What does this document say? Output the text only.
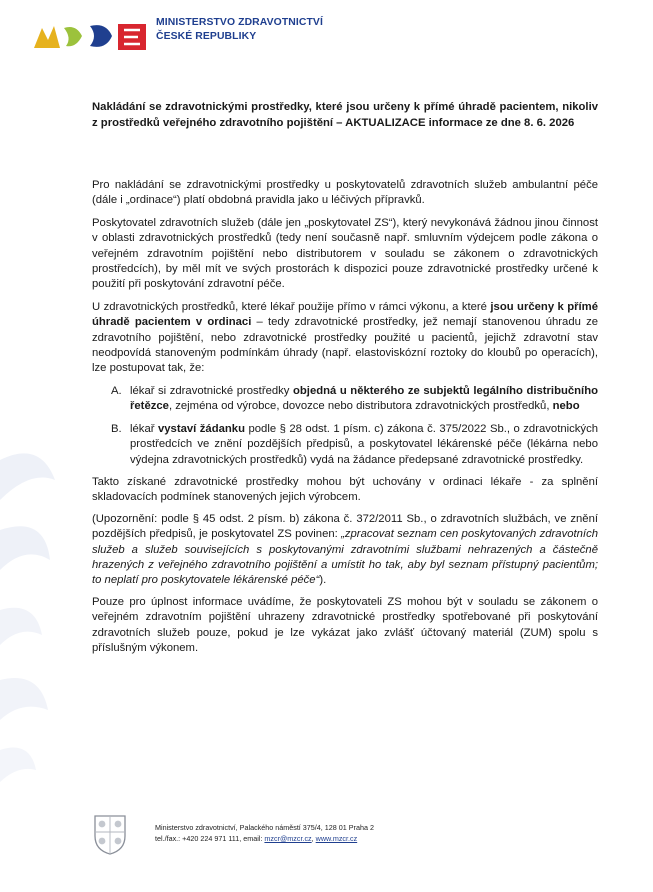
MINISTERSTVO ZDRAVOTNICTVÍ
ČESKÉ REPUBLIKY

Nakládání se zdravotnickými prostředky, které jsou určeny k přímé úhradě pacientem, nikoliv z prostředků veřejného zdravotního pojištění – AKTUALIZACE informace ze dne 8. 6. 2026

Pro nakládání se zdravotnickými prostředky u poskytovatelů zdravotních služeb ambulantní péče (dále i „ordinace“) platí obdobná pravidla jako u léčivých přípravků.

Poskytovatel zdravotních služeb (dále jen „poskytovatel ZS“), který nevykonává žádnou jinou činnost v oblasti zdravotnických prostředků (tedy není současně např. smluvním výdejcem podle zákona o veřejném zdravotním pojištění nebo distributorem v souladu se zákonem o zdravotnických prostředcích), by měl mít ve svých prostorách k dispozici pouze zdravotnické prostředky určené k použití při poskytování zdravotní péče.

U zdravotnických prostředků, které lékař použije přímo v rámci výkonu, a které jsou určeny k přímé úhradě pacientem v ordinaci – tedy zdravotnické prostředky, jež nemají stanovenou úhradu ze zdravotního pojištění, nebo zdravotnické prostředky použité u pacientů, jejichž zdravotní stav neodpovídá stanoveným podmínkám úhrady (např. elastoviskózní roztoky do kloubů po operacích), lze postupovat tak, že:

A. lékař si zdravotnické prostředky objedná u některého ze subjektů legálního distribučního řetězce, zejména od výrobce, dovozce nebo distributora zdravotnických prostředků, nebo
B. lékař vystaví žádanku podle § 28 odst. 1 písm. c) zákona č. 375/2022 Sb., o zdravotnických prostředcích ve znění pozdějších předpisů, a poskytovatel lékárenské péče (lékárna nebo výdejna zdravotnických prostředků) vydá na žádance předepsané zdravotnické prostředky.

Takto získané zdravotnické prostředky mohou být uchovány v ordinaci lékaře - za splnění skladovacích podmínek stanovených jejich výrobcem.

(Upozornění: podle § 45 odst. 2 písm. b) zákona č. 372/2011 Sb., o zdravotních službách, ve znění pozdějších předpisů, je poskytovatel ZS povinen: „zpracovat seznam cen poskytovaných zdravotních služeb a služeb souvisejících s poskytovanými zdravotními službami nehrazených a částečně hrazených z veřejného zdravotního pojištění a umístit ho tak, aby byl seznam přístupný pacientům; to neplatí pro poskytovatele lékárenské péče“).

Pouze pro úplnost informace uvádíme, že poskytovateli ZS mohou být v souladu se zákonem o veřejném zdravotním pojištění uhrazeny zdravotnické prostředky spotřebované při poskytování zdravotních služeb pouze, pokud je lze vykázat jako zvlášť účtovaný materiál (ZUM) spolu s příslušným výkonem.

Ministerstvo zdravotnictví, Palackého náměstí 375/4, 128 01 Praha 2
tel./fax.: +420 224 971 111, email: mzcr@mzcr.cz, www.mzcr.cz
